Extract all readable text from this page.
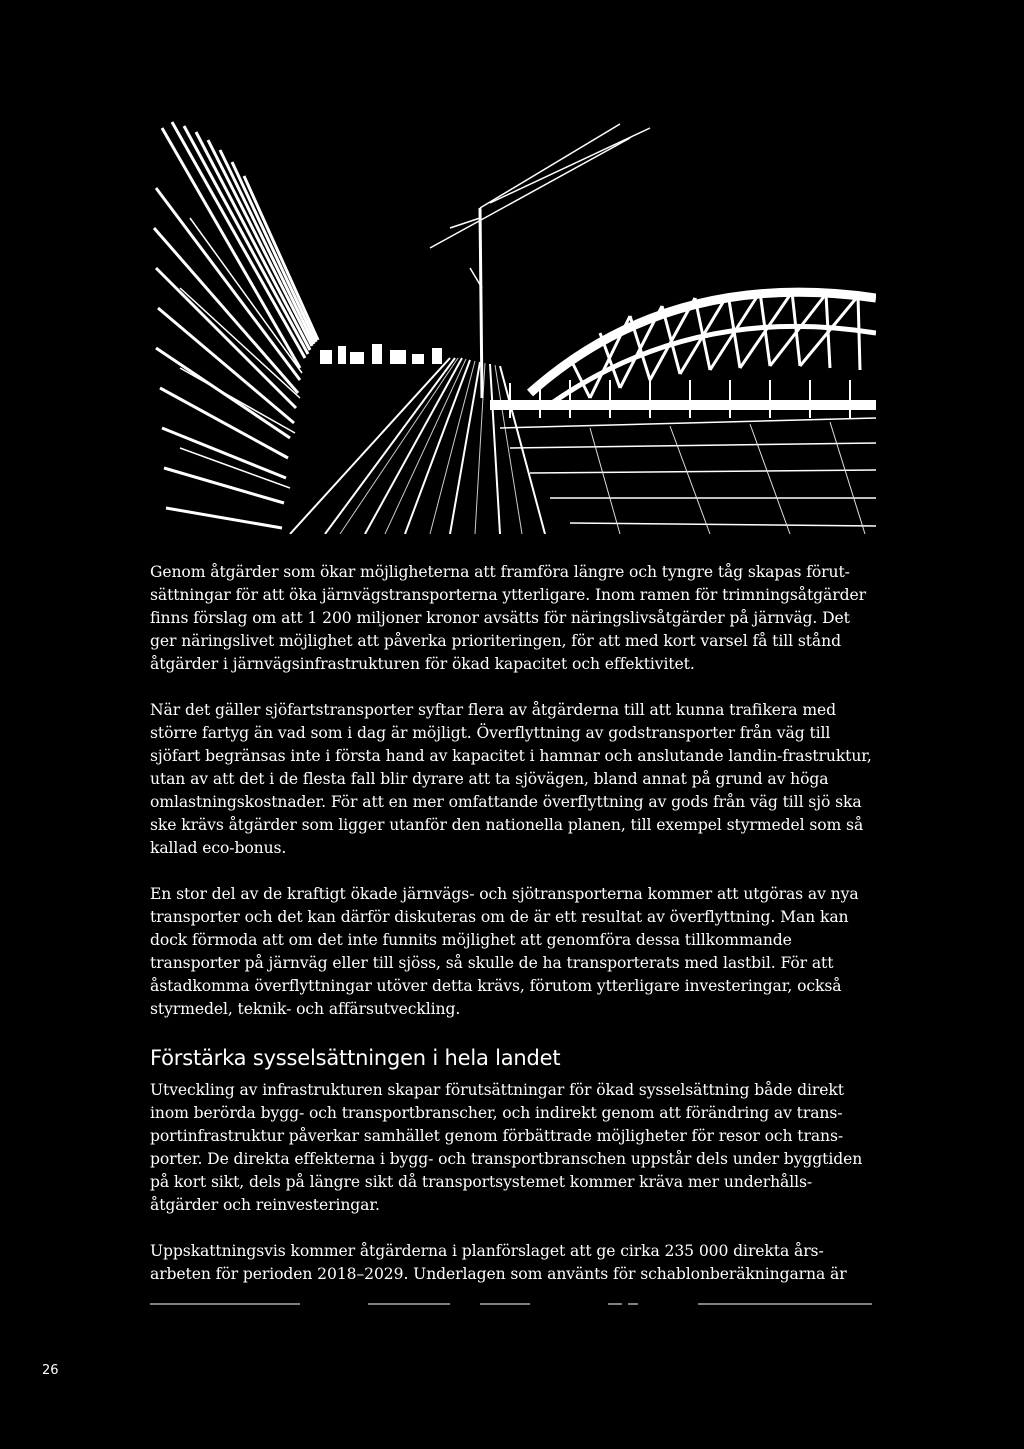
Genom åtgärder som ökar möjligheterna att framföra längre och tyngre tåg skapas förut-sättningar för att öka järnvägstransporterna ytterligare. Inom ramen för trimningsåtgärder finns förslag om att 1 200 miljoner kronor avsätts för näringslivsåtgärder på järnväg. Det ger näringslivet möjlighet att påverka prioriteringen, för att med kort varsel få till stånd åtgärder i järnvägsinfrastrukturen för ökad kapacitet och effektivitet.

När det gäller sjöfartstransporter syftar flera av åtgärderna till att kunna trafikera med större fartyg än vad som i dag är möjligt. Överflyttning av godstransporter från väg till sjöfart begränsas inte i första hand av kapacitet i hamnar och anslutande landin-frastruktur, utan av att det i de flesta fall blir dyrare att ta sjövägen, bland annat på grund av höga omlastningskostnader. För att en mer omfattande överflyttning av gods från väg till sjö ska ske krävs åtgärder som ligger utanför den nationella planen, till exempel styrmedel som så kallad eco-bonus.

En stor del av de kraftigt ökade järnvägs- och sjötransporterna kommer att utgöras av nya transporter och det kan därför diskuteras om de är ett resultat av överflyttning. Man kan dock förmoda att om det inte funnits möjlighet att genomföra dessa tillkommande transporter på järnväg eller till sjöss, så skulle de ha transporterats med lastbil. För att åstadkomma överflyttningar utöver detta krävs, förutom ytterligare investeringar, också styrmedel, teknik- och affärsutveckling.

Förstärka sysselsättningen i hela landet

Utveckling av infrastrukturen skapar förutsättningar för ökad sysselsättning både direkt inom berörda bygg- och transportbranscher, och indirekt genom att förändring av trans-portinfrastruktur påverkar samhället genom förbättrade möjligheter för resor och trans-porter. De direkta effekterna i bygg- och transportbranschen uppstår dels under byggtiden på kort sikt, dels på längre sikt då transportsystemet kommer kräva mer underhålls-åtgärder och reinvesteringar.

Uppskattningsvis kommer åtgärderna i planförslaget att ge cirka 235 000 direkta års-arbeten för perioden 2018–2029. Underlagen som använts för schablonberäkningarna är

26
